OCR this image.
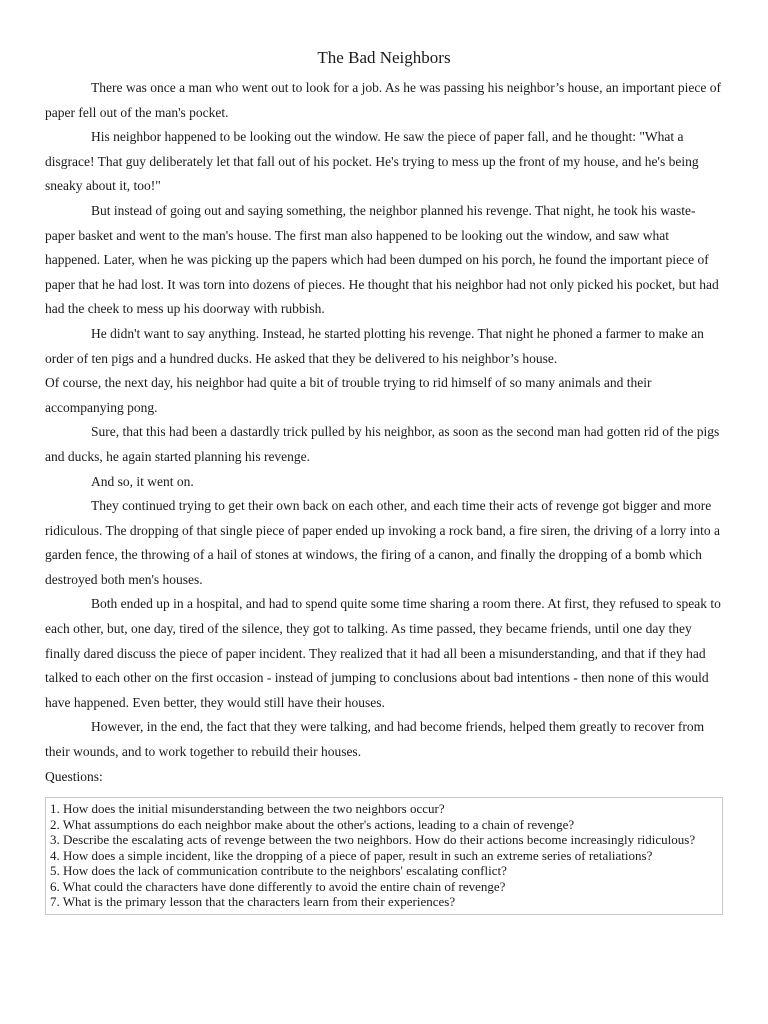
The Bad Neighbors

There was once a man who went out to look for a job. As he was passing his neighbor’s house, an important piece of paper fell out of the man's pocket.

His neighbor happened to be looking out the window. He saw the piece of paper fall, and he thought: "What a disgrace! That guy deliberately let that fall out of his pocket. He's trying to mess up the front of my house, and he's being sneaky about it, too!"

But instead of going out and saying something, the neighbor planned his revenge. That night, he took his waste-paper basket and went to the man's house. The first man also happened to be looking out the window, and saw what happened. Later, when he was picking up the papers which had been dumped on his porch, he found the important piece of paper that he had lost. It was torn into dozens of pieces. He thought that his neighbor had not only picked his pocket, but had had the cheek to mess up his doorway with rubbish.

He didn't want to say anything. Instead, he started plotting his revenge. That night he phoned a farmer to make an order of ten pigs and a hundred ducks. He asked that they be delivered to his neighbor’s house.

Of course, the next day, his neighbor had quite a bit of trouble trying to rid himself of so many animals and their accompanying pong.

Sure, that this had been a dastardly trick pulled by his neighbor, as soon as the second man had gotten rid of the pigs and ducks, he again started planning his revenge.

And so, it went on.

They continued trying to get their own back on each other, and each time their acts of revenge got bigger and more ridiculous. The dropping of that single piece of paper ended up invoking a rock band, a fire siren, the driving of a lorry into a garden fence, the throwing of a hail of stones at windows, the firing of a canon, and finally the dropping of a bomb which destroyed both men's houses.

Both ended up in a hospital, and had to spend quite some time sharing a room there. At first, they refused to speak to each other, but, one day, tired of the silence, they got to talking. As time passed, they became friends, until one day they finally dared discuss the piece of paper incident. They realized that it had all been a misunderstanding, and that if they had talked to each other on the first occasion - instead of jumping to conclusions about bad intentions - then none of this would have happened. Even better, they would still have their houses.

However, in the end, the fact that they were talking, and had become friends, helped them greatly to recover from their wounds, and to work together to rebuild their houses.

Questions:

1. How does the initial misunderstanding between the two neighbors occur?
2. What assumptions do each neighbor make about the other's actions, leading to a chain of revenge?
3. Describe the escalating acts of revenge between the two neighbors. How do their actions become increasingly ridiculous?
4. How does a simple incident, like the dropping of a piece of paper, result in such an extreme series of retaliations?
5. How does the lack of communication contribute to the neighbors' escalating conflict?
6. What could the characters have done differently to avoid the entire chain of revenge?
7. What is the primary lesson that the characters learn from their experiences?
